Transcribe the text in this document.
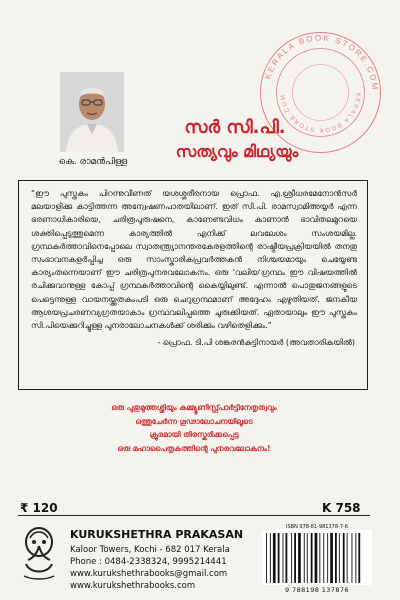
KERALA BOOK STORE.COM
KERALA BOOK STORE.COM
കെ. രാമൻപിള്ള
സർ സി.പി.
സത്യവും മിഥ്യയും

“ഈ പുസ്തകം പിറന്നുവീണത് യശശ്ശരീരനായ പ്രൊഫ. എ.ശ്രീധരമേനോൻസർ മലയാളിക്കു കാട്ടിത്തന്ന അന്വേഷണപാതയിലാണ്. ഇത് സി.പി. രാമസ്വാമിഅയ്യർ എന്ന ഭരണാധികാരിയെ, ചരിത്രപുരുഷനെ, കാണേണ്ടവിധം കാണാൻ ഭാവിതലമുറയെ ശക്തിപ്പെടുത്തുമെന്ന കാര്യത്തിൽ എനിക്ക് ലവലേശം സംശയമില്ല. ഗ്രന്ഥകർത്താവിനെപ്പോലെ സ്വാതന്ത്ര്യാനന്തരകേരളത്തിന്റെ രാഷ്ട്രീയപ്രക്രിയയിൽ തനതു സംഭാവനകളർപ്പിച്ച ഒരു സാംസ്കാരികപ്രവർത്തകൻ നിശ്ചയമായും ചെയ്യേണ്ട കാര്യംതന്നെയാണ് ഈ ചരിത്രപുനരവലോകനം. ഒരു 'വലിയ'ഗ്രന്ഥം ഈ വിഷയത്തിൽ രചിക്കുവാനുള്ള കോപ്പ് ഗ്രന്ഥകർത്താവിന്റെ കൈയ്യിലുണ്ട്. എന്നാൽ പൊതുജനങ്ങളുടെ പെട്ടെന്നുള്ള വായനയ്ക്കുതകുംപടി ഒരു ചെറുഗ്രന്ഥമാണ് അദ്ദേഹം എഴുതിയത്. ജനകീയ ആശയപ്രചരണവ്യഗ്രതയാകാം ഗ്രന്ഥവലിപ്പത്തെ ചുരുക്കിയത്. ഏതായാലും ഈ പുസ്തകം സി.പിയെക്കുറിച്ചുള്ള പുനരാലോചനകൾക്ക് ശരിക്കും വഴിതെളിക്കും.”

- പ്രൊഫ. ടി.പി ശങ്കരൻകുട്ടിനായർ (അവതാരികയിൽ)
ഒരു പുതുമുത്തശ്ശിയും കമ്മ്യൂണിസ്റ്റ്പാർട്ടിനേതൃത്വവും
ഒത്തുചേർന്ന ഗൂഢാലോചനയിലൂടെ
ക്രൂരമായി തിരസ്കരിക്കപ്പെട്ട
ഒരു മഹാപൈതൃകത്തിന്റെ പുനരവലോകനം!
₹ 120	K 758
KURUKSHETHRA PRAKASAN
Kaloor Towers, Kochi - 682 017 Kerala
Phone : 0484-2338324, 9995214441
www.kurukshethrabooks@gmail.com
www.kurukshethrabooks.com
ISBN 978-81-981378-7-6
9 788198 137876
